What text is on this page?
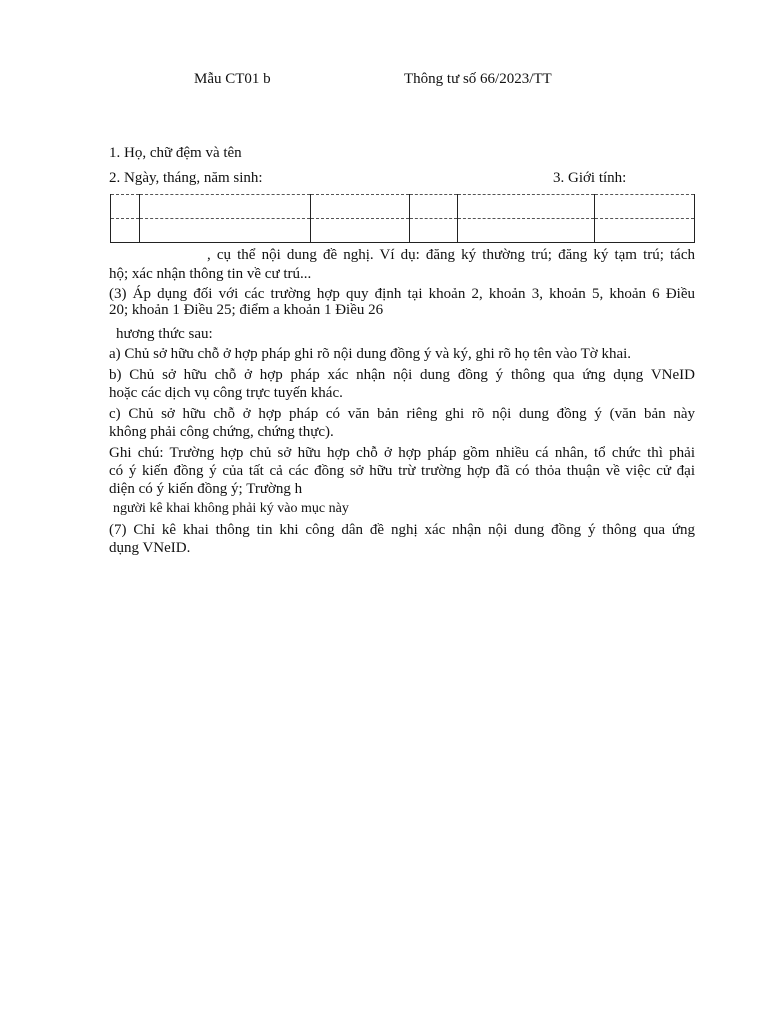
Mẫu CT01 b	Thông tư số 66/2023/TT
1. Họ, chữ đệm và tên
2. Ngày, tháng, năm sinh:	3. Giới tính:

, cụ thể nội dung đề nghị. Ví dụ: đăng ký thường trú; đăng ký tạm trú; tách
hộ; xác nhận thông tin về cư trú...
(3) Áp dụng đối với các trường hợp quy định tại khoản 2, khoản 3, khoản 5, khoản 6 Điều
20; khoản 1 Điều 25; điểm a khoản 1 Điều 26
hương thức sau:
a) Chủ sở hữu chỗ ở hợp pháp ghi rõ nội dung đồng ý và ký, ghi rõ họ tên vào Tờ khai.
b) Chủ sở hữu chỗ ở hợp pháp xác nhận nội dung đồng ý thông qua ứng dụng VNeID
hoặc các dịch vụ công trực tuyến khác.
c) Chủ sở hữu chỗ ở hợp pháp có văn bản riêng ghi rõ nội dung đồng ý (văn bản này
không phải công chứng, chứng thực).
Ghi chú: Trường hợp chủ sở hữu hợp chỗ ở hợp pháp gồm nhiều cá nhân, tổ chức thì phải
có ý kiến đồng ý của tất cả các đồng sở hữu trừ trường hợp đã có thỏa thuận về việc cử đại
diện có ý kiến đồng ý; Trường h
người kê khai không phải ký vào mục này
(7) Chỉ kê khai thông tin khi công dân đề nghị xác nhận nội dung đồng ý thông qua ứng
dụng VNeID.
